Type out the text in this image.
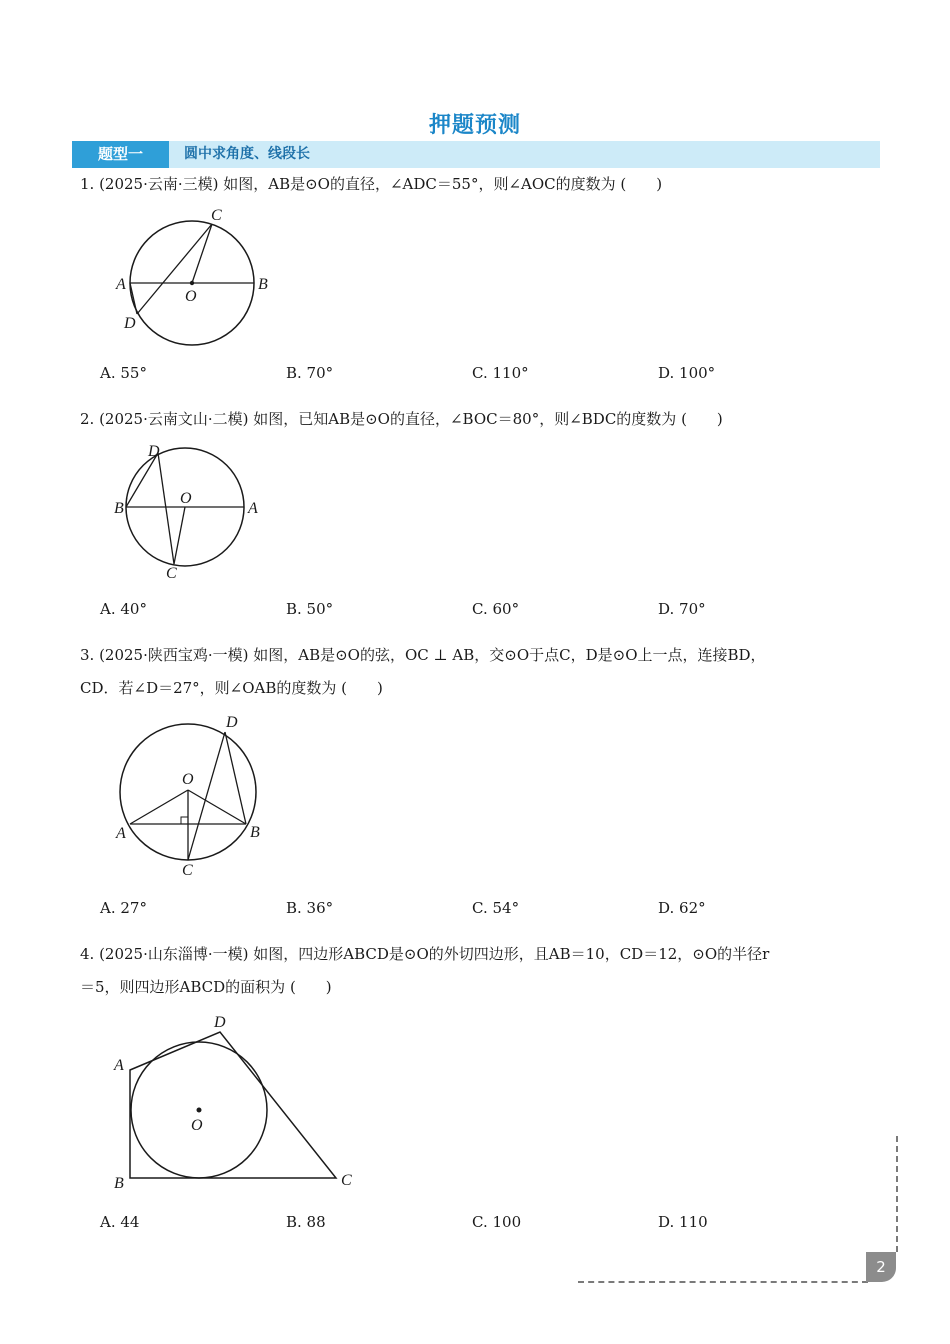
押题预测
题型一	圆中求角度、线段长
1. (2025·云南·三模) 如图，AB是⊙O的直径，∠ADC＝55°，则∠AOC的度数为 (　　)
A	B
C
D
O
A. 55°	B. 70°	C. 110°	D. 100°
2. (2025·云南文山·二模) 如图，已知AB是⊙O的直径，∠BOC＝80°，则∠BDC的度数为 (　　)
B	A
D
C
O
A. 40°	B. 50°	C. 60°	D. 70°
3. (2025·陕西宝鸡·一模) 如图，AB是⊙O的弦，OC ⊥ AB，交⊙O于点C，D是⊙O上一点，连接BD，
CD．若∠D＝27°，则∠OAB的度数为 (　　)
A	B
C
D
O
A. 27°	B. 36°	C. 54°	D. 62°
4. (2025·山东淄博·一模) 如图，四边形ABCD是⊙O的外切四边形，且AB＝10，CD＝12，⊙O的半径r
＝5，则四边形ABCD的面积为 (　　)
A
B	C
D
O
A. 44	B. 88	C. 100	D. 110
2
